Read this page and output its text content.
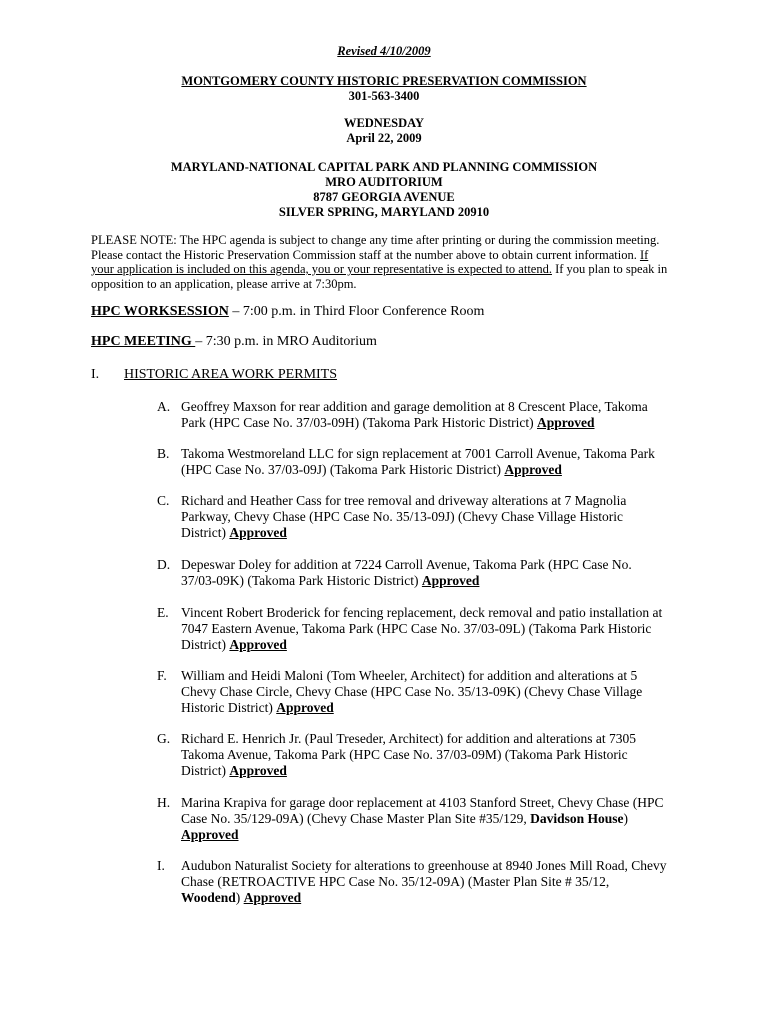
Revised 4/10/2009
MONTGOMERY COUNTY HISTORIC PRESERVATION COMMISSION
301-563-3400
WEDNESDAY
April 22, 2009
MARYLAND-NATIONAL CAPITAL PARK AND PLANNING COMMISSION
MRO AUDITORIUM
8787 GEORGIA AVENUE
SILVER SPRING, MARYLAND 20910
PLEASE NOTE: The HPC agenda is subject to change any time after printing or during the commission meeting.
Please contact the Historic Preservation Commission staff at the number above to obtain current information. If
your application is included on this agenda, you or your representative is expected to attend. If you plan to speak in
opposition to an application, please arrive at 7:30pm.
HPC WORKSESSION – 7:00 p.m. in Third Floor Conference Room
HPC MEETING – 7:30 p.m. in MRO Auditorium
I. HISTORIC AREA WORK PERMITS
A. Geoffrey Maxson for rear addition and garage demolition at 8 Crescent Place, Takoma
Park (HPC Case No. 37/03-09H) (Takoma Park Historic District) Approved
B. Takoma Westmoreland LLC for sign replacement at 7001 Carroll Avenue, Takoma Park
(HPC Case No. 37/03-09J) (Takoma Park Historic District) Approved
C. Richard and Heather Cass for tree removal and driveway alterations at 7 Magnolia
Parkway, Chevy Chase (HPC Case No. 35/13-09J) (Chevy Chase Village Historic
District) Approved
D. Depeswar Doley for addition at 7224 Carroll Avenue, Takoma Park (HPC Case No.
37/03-09K) (Takoma Park Historic District) Approved
E. Vincent Robert Broderick for fencing replacement, deck removal and patio installation at
7047 Eastern Avenue, Takoma Park (HPC Case No. 37/03-09L) (Takoma Park Historic
District) Approved
F. William and Heidi Maloni (Tom Wheeler, Architect) for addition and alterations at 5
Chevy Chase Circle, Chevy Chase (HPC Case No. 35/13-09K) (Chevy Chase Village
Historic District) Approved
G. Richard E. Henrich Jr. (Paul Treseder, Architect) for addition and alterations at 7305
Takoma Avenue, Takoma Park (HPC Case No. 37/03-09M) (Takoma Park Historic
District) Approved
H. Marina Krapiva for garage door replacement at 4103 Stanford Street, Chevy Chase (HPC
Case No. 35/129-09A) (Chevy Chase Master Plan Site #35/129, Davidson House)
Approved
I. Audubon Naturalist Society for alterations to greenhouse at 8940 Jones Mill Road, Chevy
Chase (RETROACTIVE HPC Case No. 35/12-09A) (Master Plan Site # 35/12,
Woodend) Approved
